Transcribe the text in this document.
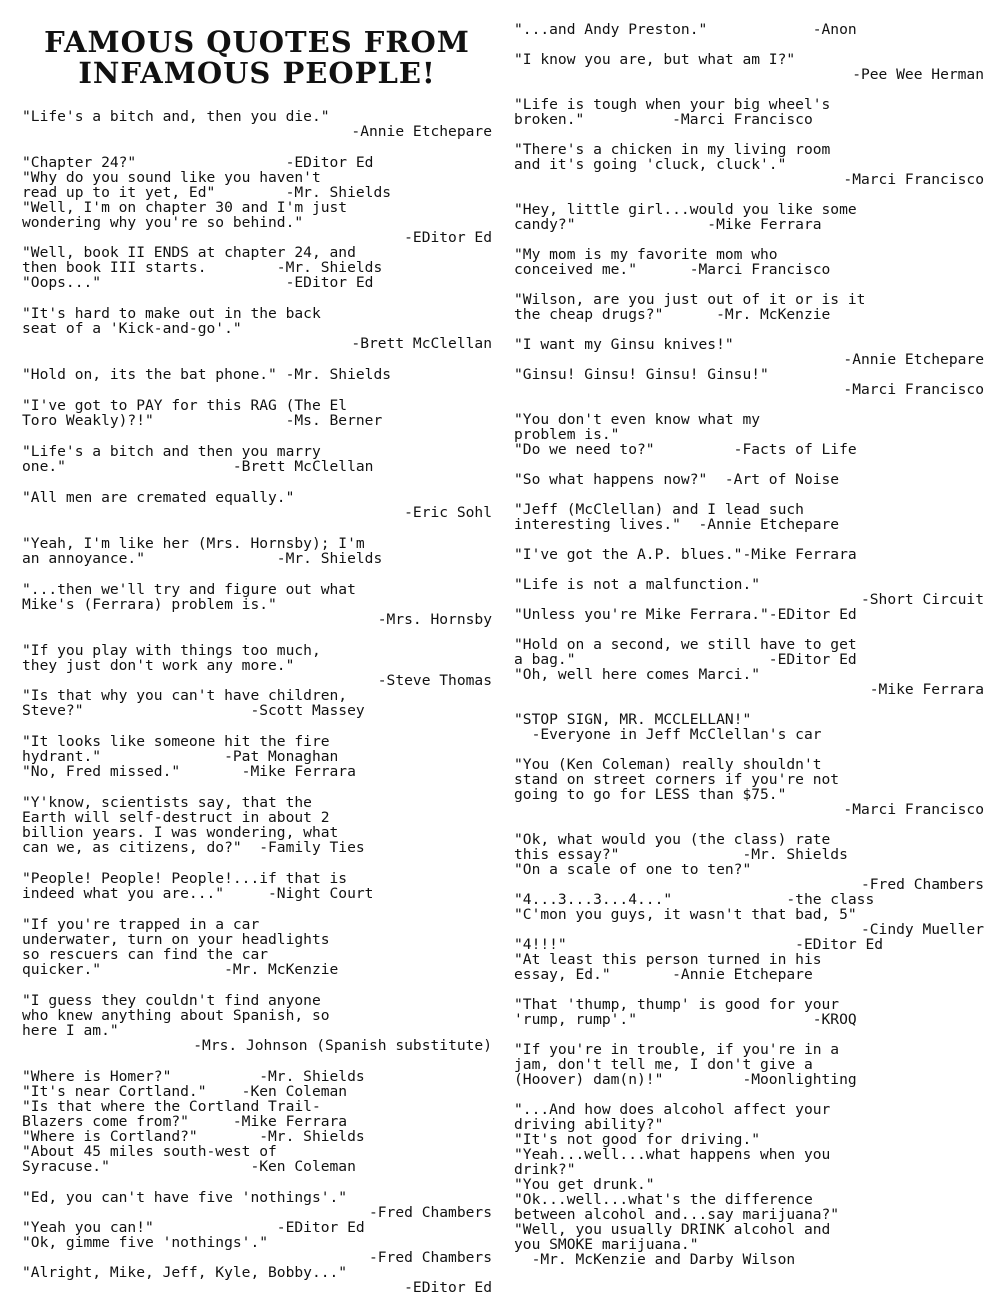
FAMOUS QUOTES FROM
INFAMOUS PEOPLE!
"Life's a bitch and, then you die."
-Annie Etchepare
"Chapter 24?"                 -EDitor Ed
"Why do you sound like you haven't
read up to it yet, Ed"        -Mr. Shields
"Well, I'm on chapter 30 and I'm just
wondering why you're so behind."
-EDitor Ed
"Well, book II ENDS at chapter 24, and
then book III starts.        -Mr. Shields
"Oops..."                     -EDitor Ed
"It's hard to make out in the back
seat of a 'Kick-and-go'."
-Brett McClellan
"Hold on, its the bat phone." -Mr. Shields
"I've got to PAY for this RAG (The El
Toro Weakly)?!"               -Ms. Berner
"Life's a bitch and then you marry
one."                   -Brett McClellan
"All men are cremated equally."
-Eric Sohl
"Yeah, I'm like her (Mrs. Hornsby); I'm
an annoyance."               -Mr. Shields
"...then we'll try and figure out what
Mike's (Ferrara) problem is."
-Mrs. Hornsby
"If you play with things too much,
they just don't work any more."
-Steve Thomas
"Is that why you can't have children,
Steve?"                   -Scott Massey
"It looks like someone hit the fire
hydrant."              -Pat Monaghan
"No, Fred missed."       -Mike Ferrara
"Y'know, scientists say, that the
Earth will self-destruct in about 2
billion years. I was wondering, what
can we, as citizens, do?"  -Family Ties
"People! People! People!...if that is
indeed what you are..."     -Night Court
"If you're trapped in a car
underwater, turn on your headlights
so rescuers can find the car
quicker."              -Mr. McKenzie
"I guess they couldn't find anyone
who knew anything about Spanish, so
here I am."
-Mrs. Johnson (Spanish substitute)
"Where is Homer?"          -Mr. Shields
"It's near Cortland."    -Ken Coleman
"Is that where the Cortland Trail-
Blazers come from?"     -Mike Ferrara
"Where is Cortland?"       -Mr. Shields
"About 45 miles south-west of
Syracuse."                -Ken Coleman
"Ed, you can't have five 'nothings'."
-Fred Chambers
"Yeah you can!"              -EDitor Ed
"Ok, gimme five 'nothings'."
-Fred Chambers
"Alright, Mike, Jeff, Kyle, Bobby..."
-EDitor Ed
"...and Andy Preston."            -Anon
"I know you are, but what am I?"
-Pee Wee Herman
"Life is tough when your big wheel's
broken."          -Marci Francisco
"There's a chicken in my living room
and it's going 'cluck, cluck'."
-Marci Francisco
"Hey, little girl...would you like some
candy?"               -Mike Ferrara
"My mom is my favorite mom who
conceived me."      -Marci Francisco
"Wilson, are you just out of it or is it
the cheap drugs?"      -Mr. McKenzie
"I want my Ginsu knives!"
-Annie Etchepare
"Ginsu! Ginsu! Ginsu! Ginsu!"
-Marci Francisco
"You don't even know what my
problem is."
"Do we need to?"         -Facts of Life
"So what happens now?"  -Art of Noise
"Jeff (McClellan) and I lead such
interesting lives."  -Annie Etchepare
"I've got the A.P. blues."-Mike Ferrara
"Life is not a malfunction."
-Short Circuit
"Unless you're Mike Ferrara."-EDitor Ed
"Hold on a second, we still have to get
a bag."                      -EDitor Ed
"Oh, well here comes Marci."
-Mike Ferrara
"STOP SIGN, MR. MCCLELLAN!"
-Everyone in Jeff McClellan's car
"You (Ken Coleman) really shouldn't
stand on street corners if you're not
going to go for LESS than $75."
-Marci Francisco
"Ok, what would you (the class) rate
this essay?"              -Mr. Shields
"On a scale of one to ten?"
-Fred Chambers
"4...3...3...4..."             -the class
"C'mon you guys, it wasn't that bad, 5"
-Cindy Mueller
"4!!!"                          -EDitor Ed
"At least this person turned in his
essay, Ed."       -Annie Etchepare
"That 'thump, thump' is good for your
'rump, rump'."                    -KROQ
"If you're in trouble, if you're in a
jam, don't tell me, I don't give a
(Hoover) dam(n)!"         -Moonlighting
"...And how does alcohol affect your
driving ability?"
"It's not good for driving."
"Yeah...well...what happens when you
drink?"
"You get drunk."
"Ok...well...what's the difference
between alcohol and...say marijuana?"
"Well, you usually DRINK alcohol and
you SMOKE marijuana."
-Mr. McKenzie and Darby Wilson
